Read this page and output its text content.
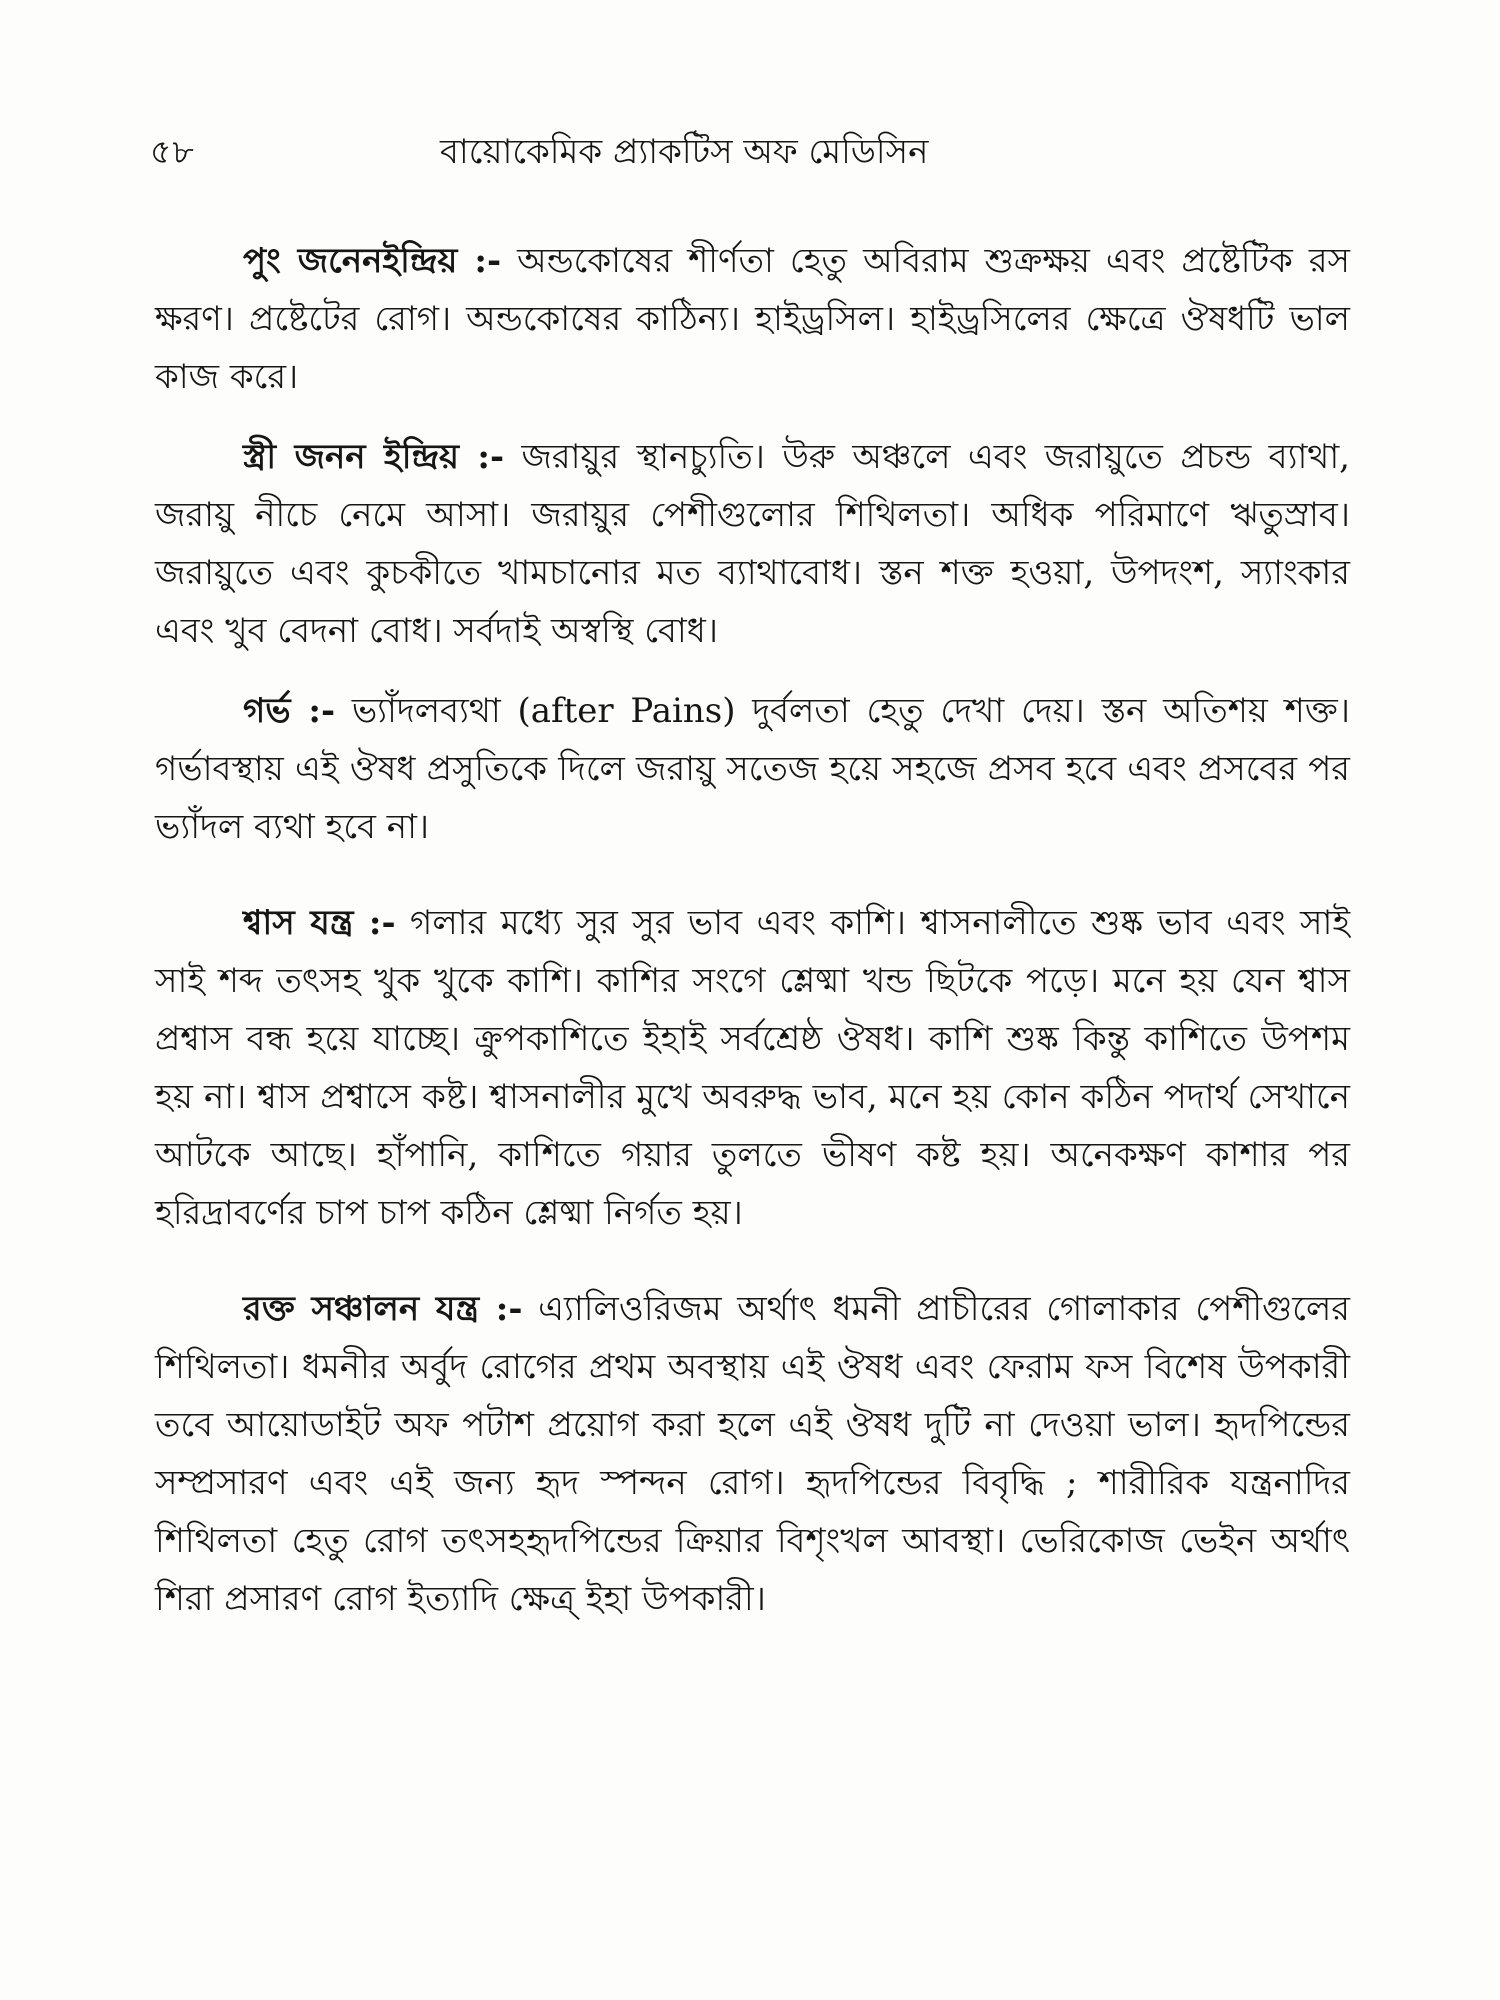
৫৮	বায়োকেমিক প্র্যাকটিস অফ মেডিসিন

পুং জনেনইন্দ্রিয় :- অন্ডকোষের শীর্ণতা হেতু অবিরাম শুক্রক্ষয় এবং প্রষ্টেটিক রস ক্ষরণ। প্রষ্টেটের রোগ। অন্ডকোষের কাঠিন্য। হাইড্রসিল। হাইড্রসিলের ক্ষেত্রে ঔষধটি ভাল কাজ করে।

স্ত্রী জনন ইন্দ্রিয় :- জরায়ুর স্থানচ্যুতি। উরু অঞ্চলে এবং জরায়ুতে প্রচন্ড ব্যাথা, জরায়ু নীচে নেমে আসা। জরায়ুর পেশীগুলোর শিথিলতা। অধিক পরিমাণে ঋতুস্রাব। জরায়ুতে এবং কুচকীতে খামচানোর মত ব্যাথাবোধ। স্তন শক্ত হওয়া, উপদংশ, স্যাংকার এবং খুব বেদনা বোধ। সর্বদাই অস্বস্থি বোধ।

গর্ভ :- ভ্যাঁদলব্যথা (after Pains) দুর্বলতা হেতু দেখা দেয়। স্তন অতিশয় শক্ত। গর্ভাবস্থায় এই ঔষধ প্রসুতিকে দিলে জরায়ু সতেজ হয়ে সহজে প্রসব হবে এবং প্রসবের পর ভ্যাঁদল ব্যথা হবে না।

শ্বাস যন্ত্র :- গলার মধ্যে সুর সুর ভাব এবং কাশি। শ্বাসনালীতে শুষ্ক ভাব এবং সাই সাই শব্দ তৎসহ খুক খুকে কাশি। কাশির সংগে শ্লেষ্মা খন্ড ছিটকে পড়ে। মনে হয় যেন শ্বাস প্রশ্বাস বন্ধ হয়ে যাচ্ছে। ক্রুপকাশিতে ইহাই সর্বশ্রেষ্ঠ ঔষধ। কাশি শুষ্ক কিন্তু কাশিতে উপশম হয় না। শ্বাস প্রশ্বাসে কষ্ট। শ্বাসনালীর মুখে অবরুদ্ধ ভাব, মনে হয় কোন কঠিন পদার্থ সেখানে আটকে আছে। হাঁপানি, কাশিতে গয়ার তুলতে ভীষণ কষ্ট হয়। অনেকক্ষণ কাশার পর হরিদ্রাবর্ণের চাপ চাপ কঠিন শ্লেষ্মা নির্গত হয়।

রক্ত সঞ্চালন যন্ত্র :- এ্যালিওরিজম অর্থাৎ ধমনী প্রাচীরের গোলাকার পেশীগুলের শিথিলতা। ধমনীর অর্বুদ রোগের প্রথম অবস্থায় এই ঔষধ এবং ফেরাম ফস বিশেষ উপকারী তবে আয়োডাইট অফ পটাশ প্রয়োগ করা হলে এই ঔষধ দুটি না দেওয়া ভাল। হৃদপিন্ডের সম্প্রসারণ এবং এই জন্য হৃদ স্পন্দন রোগ। হৃদপিন্ডের বিবৃদ্ধি ; শারীরিক যন্ত্রনাদির শিথিলতা হেতু রোগ তৎসহহৃদপিন্ডের ক্রিয়ার বিশৃংখল আবস্থা। ভেরিকোজ ভেইন অর্থাৎ শিরা প্রসারণ রোগ ইত্যাদি ক্ষেত্র্ ইহা উপকারী।
